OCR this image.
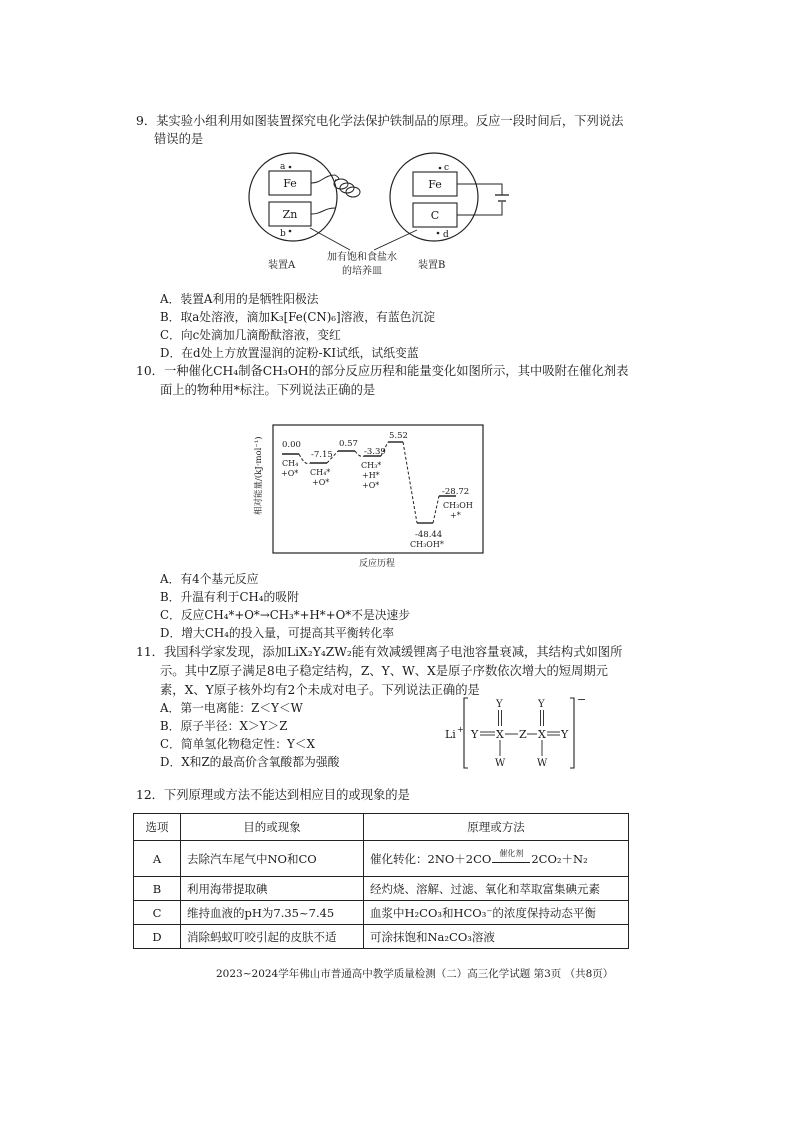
9．某实验小组利用如图装置探究电化学法保护铁制品的原理。反应一段时间后，下列说法
错误的是
Fe
Zn
a
b
Fe
C
c
d
装置A	装置B
加有饱和食盐水
的培养皿
A．装置A利用的是牺牲阳极法
B．取a处溶液，滴加K₃[Fe(CN)₆]溶液，有蓝色沉淀
C．向c处滴加几滴酚酞溶液，变红
D．在d处上方放置湿润的淀粉-KI试纸，试纸变蓝
10．一种催化CH₄制备CH₃OH的部分反应历程和能量变化如图所示，其中吸附在催化剂表
面上的物种用*标注。下列说法正确的是
相对能量/(kJ·mol⁻¹)
反应历程
0.00
-7.15
0.57
-3.39
5.52
-48.44
-28.72
CH₄
+O* CH₄*
+O*
CH₃*
+H*
+O*
CH₃OH*
CH₃OH
+*
A．有4个基元反应
B．升温有利于CH₄的吸附
C．反应CH₄*+O*→CH₃*+H*+O*不是决速步
D．增大CH₄的投入量，可提高其平衡转化率
11．我国科学家发现，添加LiX₂Y₄ZW₂能有效减缓锂离子电池容量衰减，其结构式如图所
示。其中Z原子满足8电子稳定结构，Z、Y、W、X是原子序数依次增大的短周期元
素，X、Y原子核外均有2个未成对电子。下列说法正确的是
A．第一电离能：Z＜Y＜W
B．原子半径：X＞Y＞Z
C．简单氢化物稳定性：Y＜X
D．X和Z的最高价含氧酸都为强酸
Li +
−
Y X Z X Y
Y	Y
W	W
12．下列原理或方法不能达到相应目的或现象的是
选项	目的或现象	原理或方法
A	去除汽车尾气中NO和CO	催化转化：2NO＋2CO $^{催化剂}$ 2CO₂＋N₂
B	利用海带提取碘	经灼烧、溶解、过滤、氧化和萃取富集碘元素
C	维持血液的pH为7.35~7.45	血浆中H₂CO₃和HCO₃⁻的浓度保持动态平衡
D	消除蚂蚁叮咬引起的皮肤不适	可涂抹饱和Na₂CO₃溶液
2023~2024学年佛山市普通高中教学质量检测（二）高三化学试题 第3页 （共8页）
